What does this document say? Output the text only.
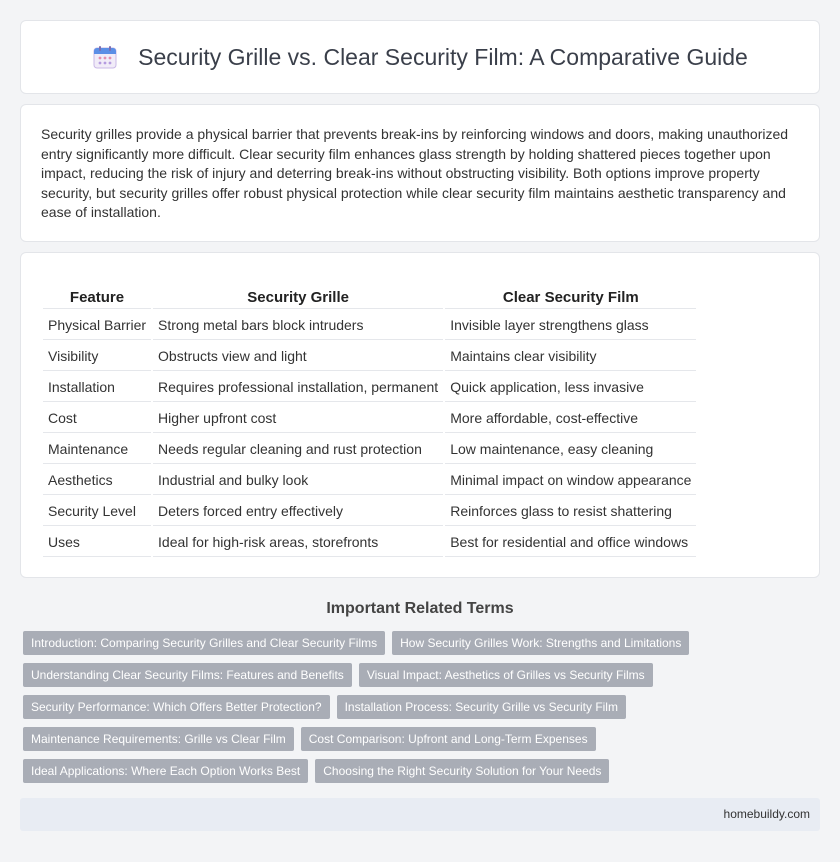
Security Grille vs. Clear Security Film: A Comparative Guide

Security grilles provide a physical barrier that prevents break-ins by reinforcing windows and doors, making unauthorized entry significantly more difficult. Clear security film enhances glass strength by holding shattered pieces together upon impact, reducing the risk of injury and deterring break-ins without obstructing visibility. Both options improve property security, but security grilles offer robust physical protection while clear security film maintains aesthetic transparency and ease of installation.

Feature	Security Grille	Clear Security Film
Physical Barrier	Strong metal bars block intruders	Invisible layer strengthens glass
Visibility	Obstructs view and light	Maintains clear visibility
Installation	Requires professional installation, permanent	Quick application, less invasive
Cost	Higher upfront cost	More affordable, cost-effective
Maintenance	Needs regular cleaning and rust protection	Low maintenance, easy cleaning
Aesthetics	Industrial and bulky look	Minimal impact on window appearance
Security Level	Deters forced entry effectively	Reinforces glass to resist shattering
Uses	Ideal for high-risk areas, storefronts	Best for residential and office windows
Important Related Terms
Introduction: Comparing Security Grilles and Clear Security Films	How Security Grilles Work: Strengths and Limitations
Understanding Clear Security Films: Features and Benefits	Visual Impact: Aesthetics of Grilles vs Security Films
Security Performance: Which Offers Better Protection?	Installation Process: Security Grille vs Security Film
Maintenance Requirements: Grille vs Clear Film	Cost Comparison: Upfront and Long-Term Expenses
Ideal Applications: Where Each Option Works Best	Choosing the Right Security Solution for Your Needs
homebuildy.com
